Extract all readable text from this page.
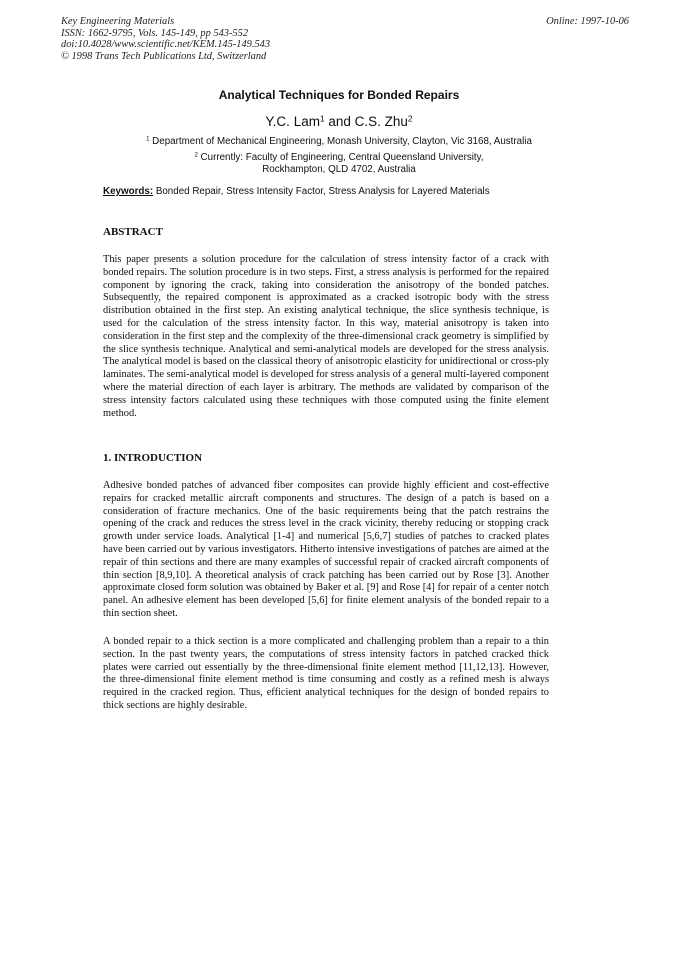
Key Engineering Materials
ISSN: 1662-9795, Vols. 145-149, pp 543-552
doi:10.4028/www.scientific.net/KEM.145-149.543
© 1998 Trans Tech Publications Ltd, Switzerland
Online: 1997-10-06
Analytical Techniques for Bonded Repairs
Y.C. Lam$^1$ and C.S. Zhu$^2$
$^1$ Department of Mechanical Engineering, Monash University, Clayton, Vic 3168, Australia
$^2$ Currently: Faculty of Engineering, Central Queensland University,
Rockhampton, QLD 4702, Australia
Keywords: Bonded Repair, Stress Intensity Factor, Stress Analysis for Layered Materials
ABSTRACT
This paper presents a solution procedure for the calculation of stress intensity factor of a crack with bonded repairs. The solution procedure is in two steps. First, a stress analysis is performed for the repaired component by ignoring the crack, taking into consideration the anisotropy of the bonded patches. Subsequently, the repaired component is approximated as a cracked isotropic body with the stress distribution obtained in the first step. An existing analytical technique, the slice synthesis technique, is used for the calculation of the stress intensity factor. In this way, material anisotropy is taken into consideration in the first step and the complexity of the three-dimensional crack geometry is simplified by the slice synthesis technique. Analytical and semi-analytical models are developed for the stress analysis. The analytical model is based on the classical theory of anisotropic elasticity for unidirectional or cross-ply laminates. The semi-analytical model is developed for stress analysis of a general multi-layered component where the material direction of each layer is arbitrary. The methods are validated by comparison of the stress intensity factors calculated using these techniques with those computed using the finite element method.
1. INTRODUCTION
Adhesive bonded patches of advanced fiber composites can provide highly efficient and cost-effective repairs for cracked metallic aircraft components and structures. The design of a patch is based on a consideration of fracture mechanics. One of the basic requirements being that the patch restrains the opening of the crack and reduces the stress level in the crack vicinity, thereby reducing or stopping crack growth under service loads. Analytical [1-4] and numerical [5,6,7] studies of patches to cracked plates have been carried out by various investigators. Hitherto intensive investigations of patches are aimed at the repair of thin sections and there are many examples of successful repair of cracked aircraft components of thin section [8,9,10]. A theoretical analysis of crack patching has been carried out by Rose [3]. Another approximate closed form solution was obtained by Baker et al. [9] and Rose [4] for repair of a center notch panel. An adhesive element has been developed [5,6] for finite element analysis of the bonded repair to a thin section sheet.
A bonded repair to a thick section is a more complicated and challenging problem than a repair to a thin section. In the past twenty years, the computations of stress intensity factors in patched cracked thick plates were carried out essentially by the three-dimensional finite element method [11,12,13]. However, the three-dimensional finite element method is time consuming and costly as a refined mesh is always required in the cracked region. Thus, efficient analytical techniques for the design of bonded repairs to thick sections are highly desirable.
